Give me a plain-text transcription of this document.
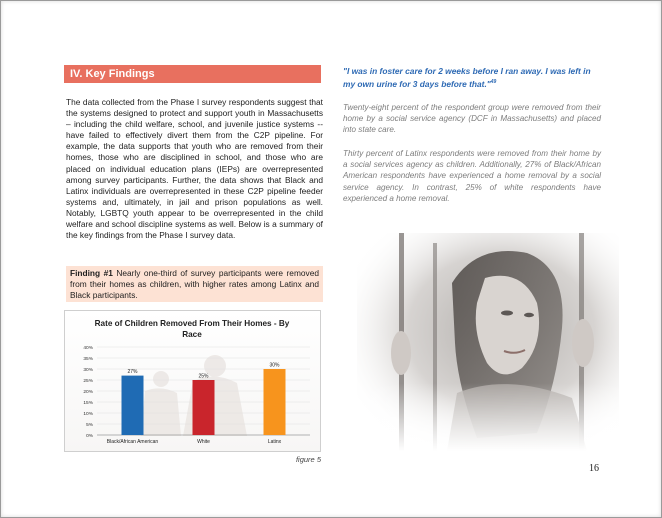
IV. Key Findings
The data collected from the Phase I survey respondents suggest that the systems designed to protect and support youth in Massachusetts – including the child welfare, school, and juvenile justice systems -- have failed to effectively divert them from the C2P pipeline. For example, the data supports that youth who are removed from their homes, those who are disciplined in school, and those who are placed on individual education plans (IEPs) are overrepresented among survey participants. Further, the data shows that Black and Latinx individuals are overrepresented in these C2P pipeline feeder systems and, ultimately, in jail and prison populations as well. Notably, LGBTQ youth appear to be overrepresented in the child welfare and school discipline systems as well. Below is a summary of the key findings from the Phase I survey data.
Finding #1 Nearly one-third of survey participants were removed from their homes as children, with higher rates among Latinx and Black participants.
Rate of Children Removed From Their Homes - By
Race
0%
5%
10%
15%
20%
25%
30%
35%
40%
27%
25%
30%
Black/African American	White	Latinx
figure 5
"I was in foster care for 2 weeks before I ran away. I was left in my own urine for 3 days before that."$^{49}$
Twenty-eight percent of the respondent group were removed from their home by a social service agency (DCF in Massachusetts) and placed into state care.
Thirty percent of Latinx respondents were removed from their home by a social services agency as children. Additionally, 27% of Black/African American respondents have experienced a home removal by a social service agency. In contrast, 25% of white respondents have experienced a home removal.
16
